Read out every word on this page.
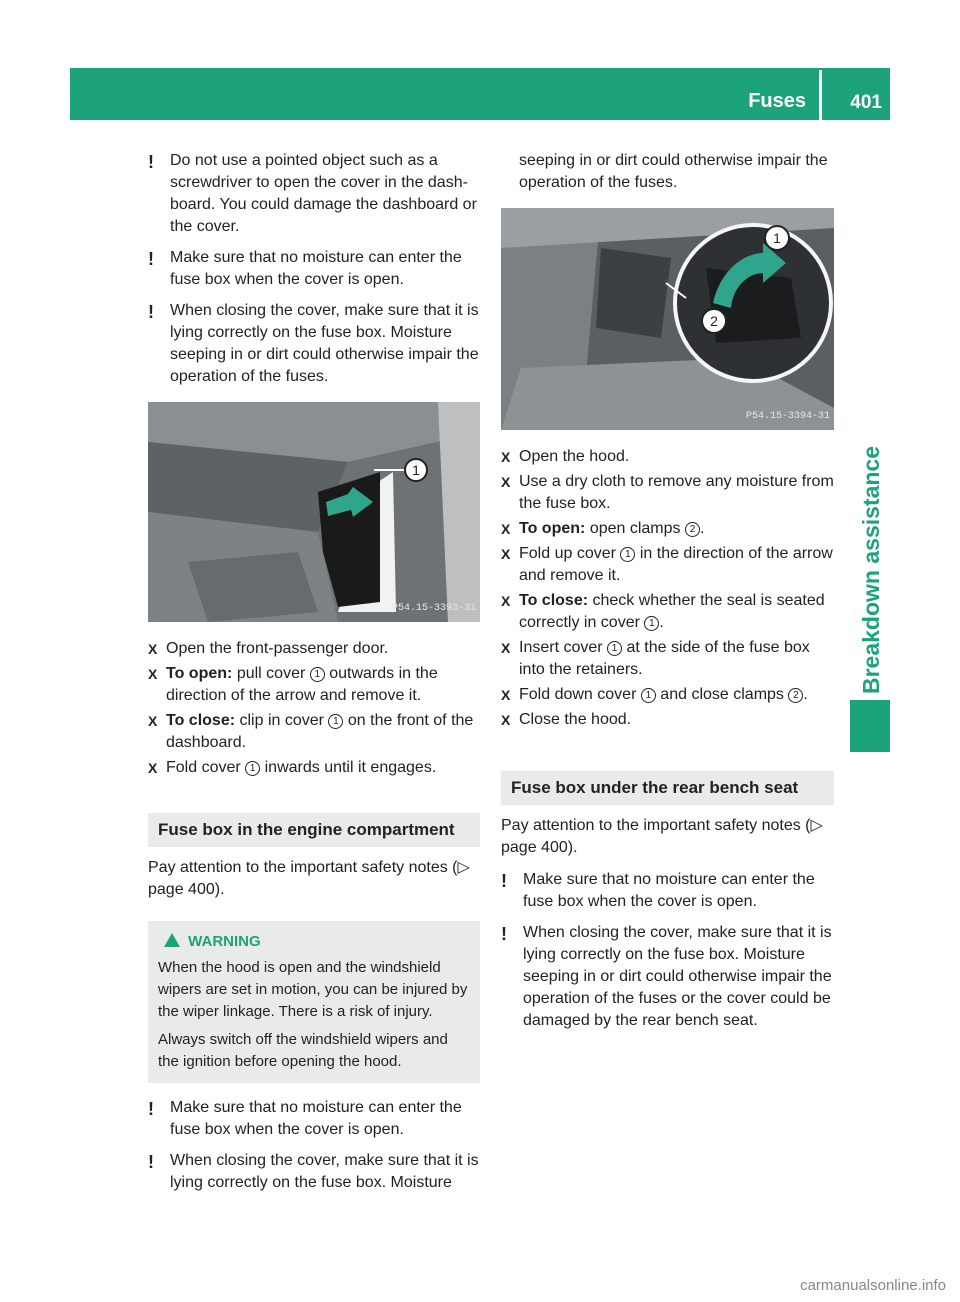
Fuses 401
Breakdown assistance
! Do not use a pointed object such as a screwdriver to open the cover in the dash-board. You could damage the dashboard or the cover.
! Make sure that no moisture can enter the fuse box when the cover is open.
! When closing the cover, make sure that it is lying correctly on the fuse box. Moisture seeping in or dirt could otherwise impair the operation of the fuses.
1
P54.15-3393-31
X Open the front-passenger door.
X To open: pull cover 1 outwards in the direction of the arrow and remove it.
X To close: clip in cover 1 on the front of the dashboard.
X Fold cover 1 inwards until it engages.
Fuse box in the engine compartment
Pay attention to the important safety notes (▷ page 400).
WARNING
When the hood is open and the windshield wipers are set in motion, you can be injured by the wiper linkage. There is a risk of injury.
Always switch off the windshield wipers and the ignition before opening the hood.
! Make sure that no moisture can enter the fuse box when the cover is open.
! When closing the cover, make sure that it is lying correctly on the fuse box. Moisture
seeping in or dirt could otherwise impair the operation of the fuses.
1
2
P54.15-3394-31
X Open the hood.
X Use a dry cloth to remove any moisture from the fuse box.
X To open: open clamps 2 .
X Fold up cover 1 in the direction of the arrow and remove it.
X To close: check whether the seal is seated correctly in cover 1 .
X Insert cover 1 at the side of the fuse box into the retainers.
X Fold down cover 1 and close clamps 2 .
X Close the hood.
Fuse box under the rear bench seat
Pay attention to the important safety notes (▷ page 400).
! Make sure that no moisture can enter the fuse box when the cover is open.
! When closing the cover, make sure that it is lying correctly on the fuse box. Moisture seeping in or dirt could otherwise impair the operation of the fuses or the cover could be damaged by the rear bench seat.
carmanualsonline.info
